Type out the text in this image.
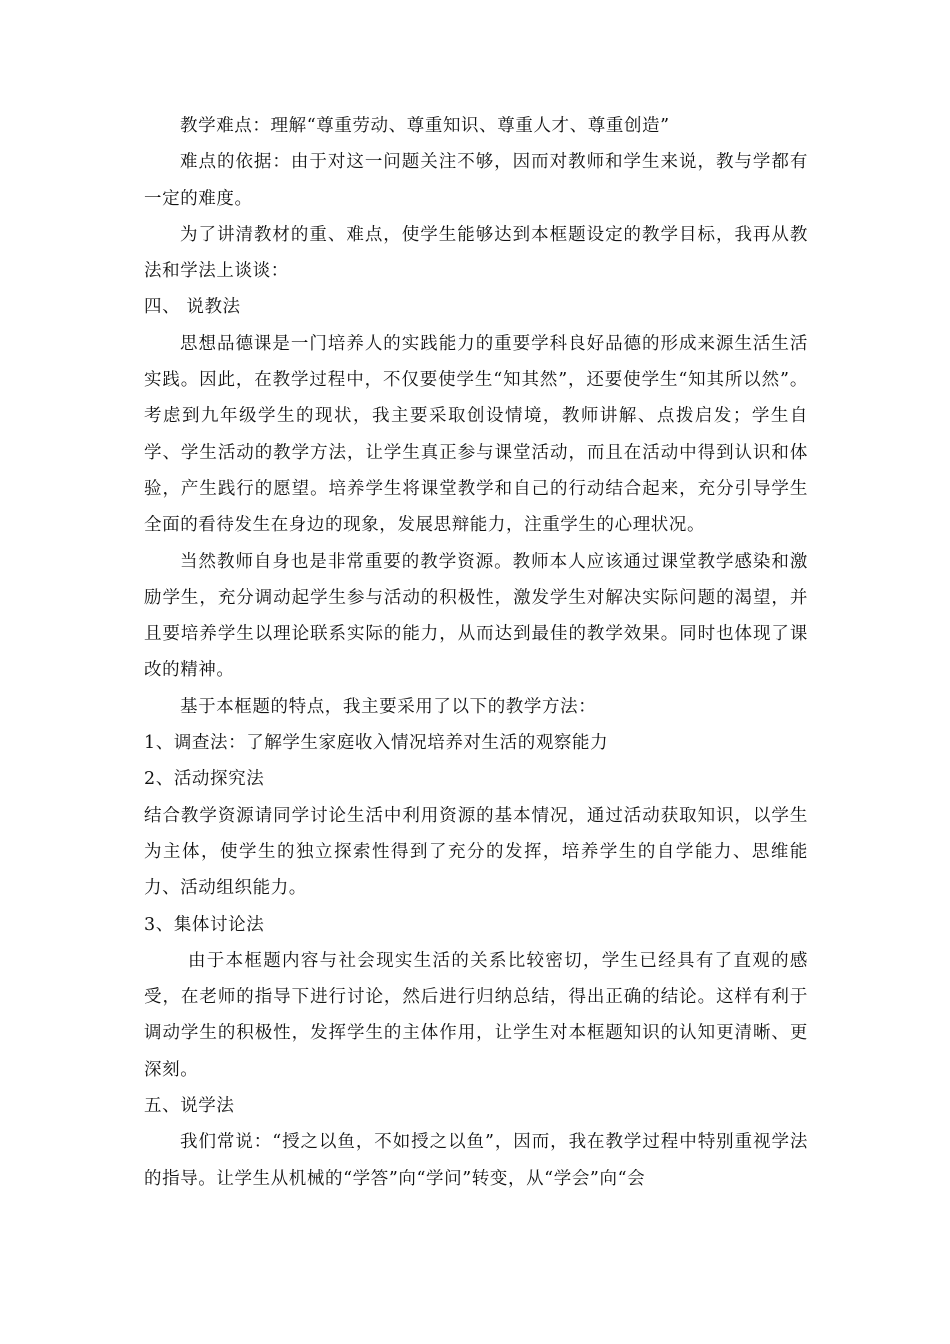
教学难点：理解“尊重劳动、尊重知识、尊重人才、尊重创造”

难点的依据：由于对这一问题关注不够，因而对教师和学生来说，教与学都有一定的难度。

为了讲清教材的重、难点，使学生能够达到本框题设定的教学目标，我再从教法和学法上谈谈：

四、 说教法

思想品德课是一门培养人的实践能力的重要学科良好品德的形成来源生活生活实践。因此，在教学过程中，不仅要使学生“知其然”，还要使学生“知其所以然”。考虑到九年级学生的现状，我主要采取创设情境，教师讲解、点拨启发；学生自学、学生活动的教学方法，让学生真正参与课堂活动，而且在活动中得到认识和体验，产生践行的愿望。培养学生将课堂教学和自己的行动结合起来，充分引导学生全面的看待发生在身边的现象，发展思辩能力，注重学生的心理状况。

当然教师自身也是非常重要的教学资源。教师本人应该通过课堂教学感染和激励学生，充分调动起学生参与活动的积极性，激发学生对解决实际问题的渴望，并且要培养学生以理论联系实际的能力，从而达到最佳的教学效果。同时也体现了课改的精神。

基于本框题的特点，我主要采用了以下的教学方法：

1、调查法：了解学生家庭收入情况培养对生活的观察能力

2、活动探究法

结合教学资源请同学讨论生活中利用资源的基本情况，通过活动获取知识，以学生为主体，使学生的独立探索性得到了充分的发挥，培养学生的自学能力、思维能力、活动组织能力。

3、集体讨论法

由于本框题内容与社会现实生活的关系比较密切，学生已经具有了直观的感受，在老师的指导下进行讨论，然后进行归纳总结，得出正确的结论。这样有利于调动学生的积极性，发挥学生的主体作用，让学生对本框题知识的认知更清晰、更深刻。

五、说学法

我们常说：“授之以鱼，不如授之以鱼”，因而，我在教学过程中特别重视学法的指导。让学生从机械的“学答”向“学问”转变，从“学会”向“会
